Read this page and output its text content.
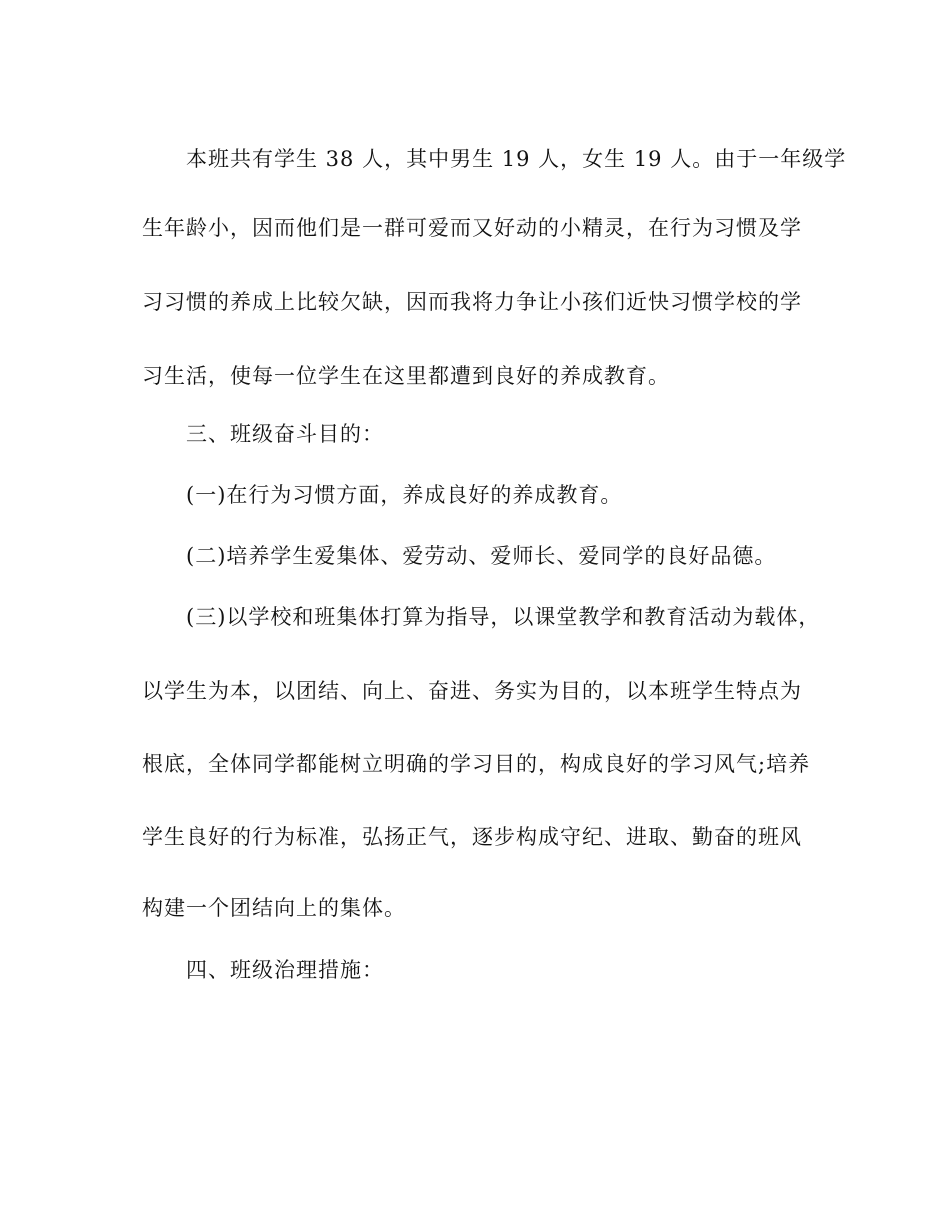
本班共有学生 38 人，其中男生 19 人，女生 19 人。由于一年级学
生年龄小，因而他们是一群可爱而又好动的小精灵，在行为习惯及学
习习惯的养成上比较欠缺，因而我将力争让小孩们近快习惯学校的学
习生活，使每一位学生在这里都遭到良好的养成教育。
三、班级奋斗目的：
(一)在行为习惯方面，养成良好的养成教育。
(二)培养学生爱集体、爱劳动、爱师长、爱同学的良好品德。
(三)以学校和班集体打算为指导，以课堂教学和教育活动为载体，
以学生为本，以团结、向上、奋进、务实为目的，以本班学生特点为
根底，全体同学都能树立明确的学习目的，构成良好的学习风气;培养
学生良好的行为标准，弘扬正气，逐步构成守纪、进取、勤奋的班风
构建一个团结向上的集体。
四、班级治理措施：
